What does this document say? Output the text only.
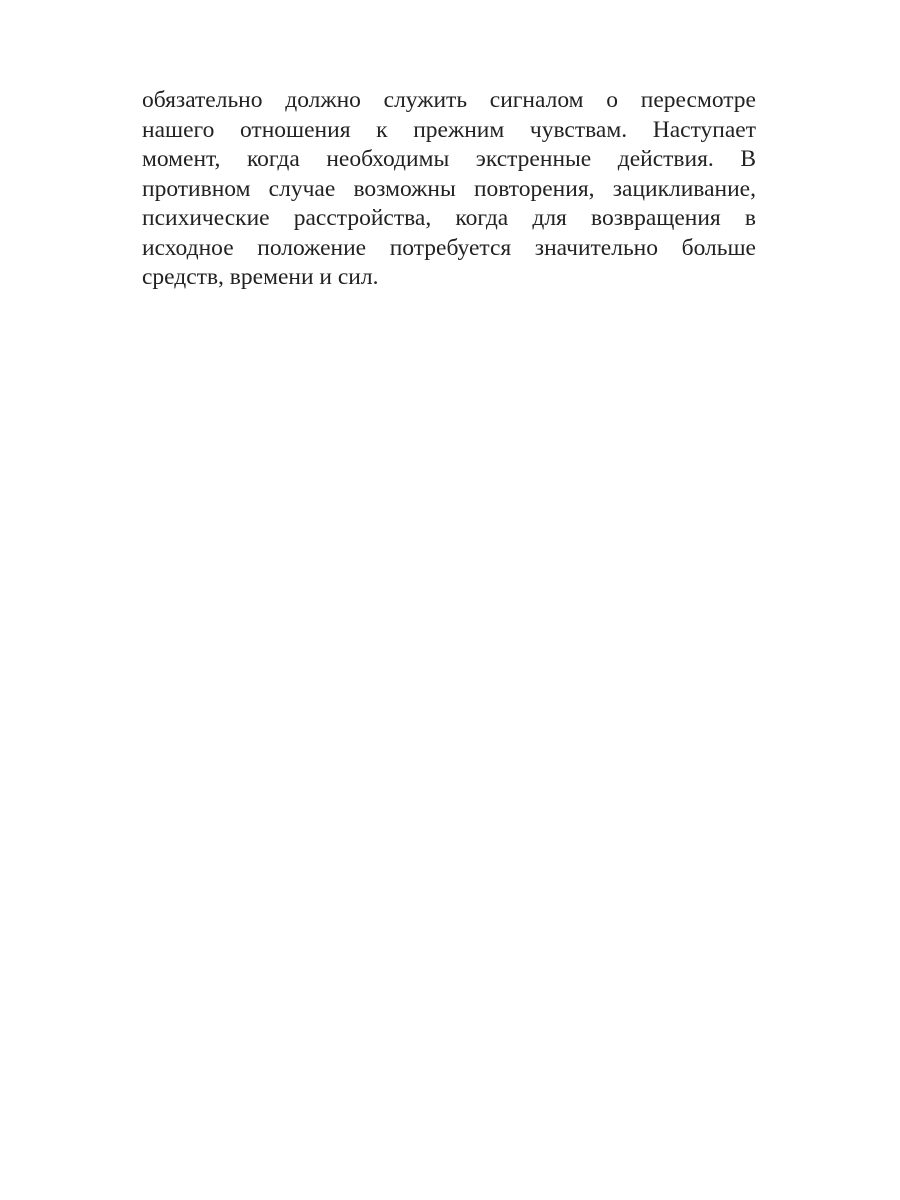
обязательно должно служить сигналом о пересмотре
нашего отношения к прежним чувствам. Наступает
момент, когда необходимы экстренные действия. В
противном случае возможны повторения, зацикливание,
психические расстройства, когда для возвращения в
исходное положение потребуется значительно больше
средств, времени и сил.
